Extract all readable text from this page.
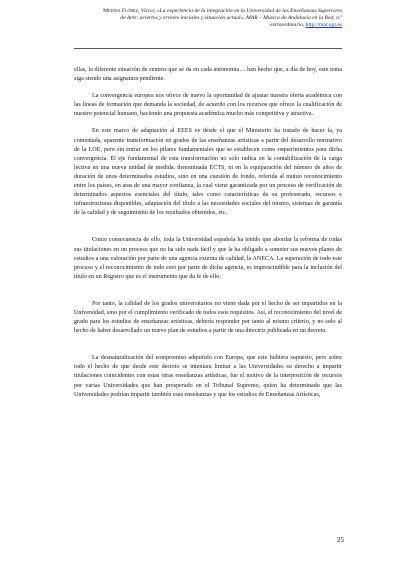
Medina Flórez, Víctor, «La experiencia de la integración en la Universidad de las Enseñanzas Superiores de Arte: aciertos y errores iniciales y situación actual», MAR – Música de Andalucía en la Red, n.º extraordinario, http://mar.ugr.es

ellas, la diferente situación de centros que se da en cada autonomía… han hecho que, a día de hoy, este tema siga siendo una asignatura pendiente.

La convergencia europea nos ofrece de nuevo la oportunidad de ajustar nuestra oferta académica con las líneas de formación que demanda la sociedad, de acuerdo con los recursos que ofrece la cualificación de nuestro potencial humano, haciendo una propuesta académica mucho más competitiva y atractiva.

En este marco de adaptación al EEES es desde el que el Ministerio ha tratado de hacer la, ya comentada, aparente transformación en grados de las enseñanzas artísticas a partir del desarrollo normativo de la LOE, pero sin entrar en los pilares fundamentales que se establecen como requerimientos para dicha convergencia. El eje fundamental de esta transformación no solo radica en la contabilización de la carga lectiva en una nueva unidad de medida, denominada ECTS, ni en la equiparación del número de años de duración de unos determinados estudios, sino en una cuestión de fondo, referida al mutuo reconocimiento entre los países, en aras de una mayor confianza, la cual viene garantizada por un proceso de verificación de determinados aspectos esenciales del título, tales como características de su profesorado, recursos e infraestructuras disponibles, adaptación del título a las necesidades sociales del mismo, sistemas de garantía de la calidad y de seguimiento de los resultados obtenidos, etc.

Como consecuencia de ello, toda la Universidad española ha tenido que abordar la reforma de todas sus titulaciones en un proceso que no ha sido nada fácil y que la ha obligado a someter sus nuevos planes de estudios a una valoración por parte de una agencia externa de calidad, la ANECA. La superación de todo este proceso y el reconocimiento de todo esto por parte de dicha agencia, es imprescindible para la inclusión del título en un Registro que es el instrumento que da fe de ello.

Por tanto, la calidad de los grados universitarios no viene dada por el hecho de ser impartidos en la Universidad, sino por el cumplimiento verificado de todos esos requisitos. Así, el reconocimiento del nivel de grado para los estudios de enseñanzas artísticas, debería responder por tanto al mismo criterio, y no solo al hecho de haber desarrollado un nuevo plan de estudios a partir de una directriz publicada en un decreto.

La desnaturalización del compromiso adquirido con Europa, que este hubiera supuesto, pero sobre todo el hecho de que desde este decreto se intentara limitar a las Universidades su derecho a impartir titulaciones coincidentes con estas otras enseñanzas artísticas, fue el motivo de la interposición de recursos por varias Universidades que han prosperado en el Tribunal Supremo, quien ha determinado que las Universidades podrían impartir también esas enseñanzas y que los estudios de Enseñanzas Artísticas,

25
